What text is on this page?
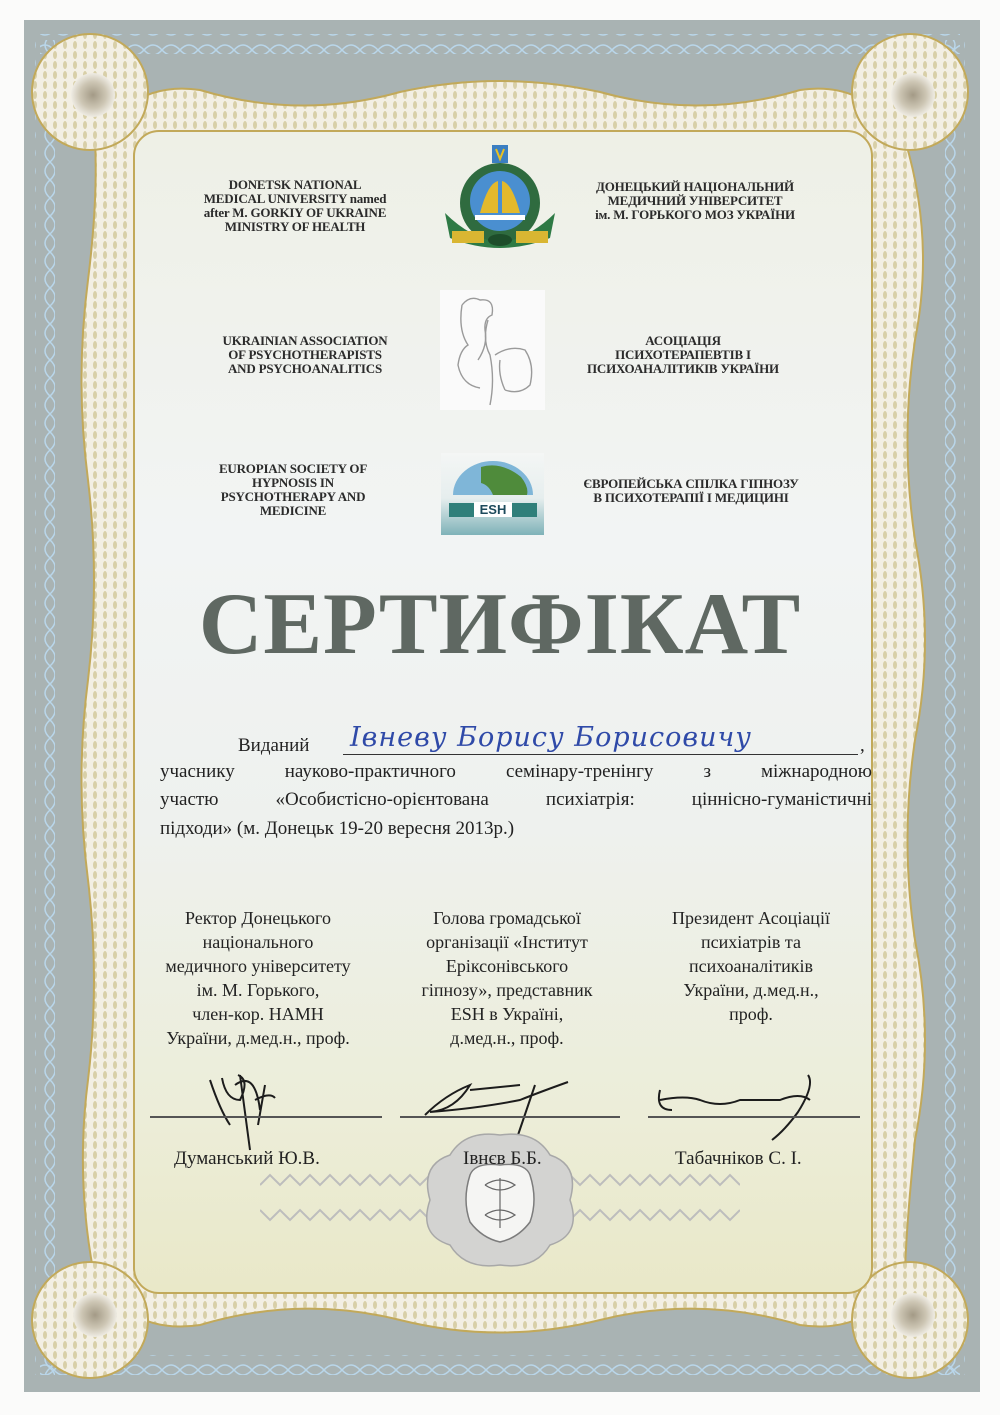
DONETSK NATIONAL
MEDICAL UNIVERSITY named
after M. GORKIY OF UKRAINE
MINISTRY OF HEALTH
ДОНЕЦЬКИЙ НАЦІОНАЛЬНИЙ
МЕДИЧНИЙ УНІВЕРСИТЕТ
ім. М. ГОРЬКОГО МОЗ УКРАЇНИ
UKRAINIAN ASSOCIATION
OF PSYCHOTHERAPISTS
AND PSYCHOANALITICS
АСОЦІАЦІЯ
ПСИХОТЕРАПЕВТІВ І
ПСИХОАНАЛІТИКІВ УКРАЇНИ
EUROPIAN SOCIETY OF
HYPNOSIS IN
PSYCHOTHERAPY AND
MEDICINE	ESH
ЄВРОПЕЙСЬКА СПІЛКА ГІПНОЗУ
В ПСИХОТЕРАПІЇ І МЕДИЦИНІ
СЕРТИФІКАТ
Виданий Івневу Борису Борисовичу	,
учаснику науково-практичного семінару-тренінгу з міжнародною
участю «Особистісно-орієнтована психіатрія: ціннісно-гуманістичні
підходи» (м. Донецьк 19-20 вересня 2013р.)
Ректор Донецького
національного
медичного університету
ім. М. Горького,
член-кор. НАМН
України, д.мед.н., проф.
Голова громадської
організації «Інститут
Еріксонівського
гіпнозу», представник
ESH в Україні,
д.мед.н., проф.
Президент Асоціації
психіатрів та
психоаналітиків
України, д.мед.н.,
проф.
Думанський Ю.В.	Івнєв Б.Б.	Табачніков С. І.
